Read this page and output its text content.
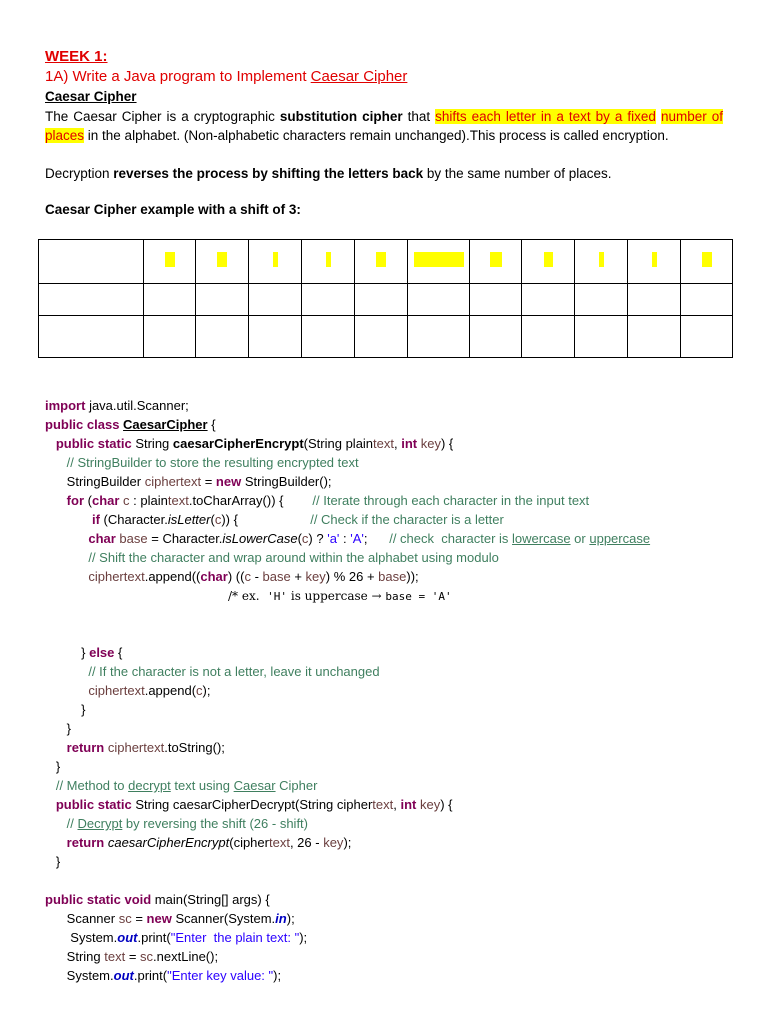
WEEK 1:
1A) Write a Java program to Implement Caesar Cipher
Caesar Cipher
The Caesar Cipher is a cryptographic substitution cipher that shifts each letter in a text by a fixed number of places in the alphabet. (Non-alphabetic characters remain unchanged).This process is called encryption.
Decryption reverses the process by shifting the letters back by the same number of places.
Caesar Cipher example with a shift of 3:

import java.util.Scanner;
public class CaesarCipher {
public static String caesarCipherEncrypt(String plaintext, int key) {
// StringBuilder to store the resulting encrypted text
StringBuilder ciphertext = new StringBuilder();
for (char c : plaintext.toCharArray()) { // Iterate through each character in the input text
if (Character.isLetter(c)) {	// Check if the character is a letter
char base = Character.isLowerCase(c) ? 'a' : 'A'; // check  character is lowercase or uppercase
// Shift the character and wrap around within the alphabet using modulo
ciphertext.append((char) ((c - base + key) % 26 + base));
/* ex.  'H' is uppercase → base = 'A'
} else {
// If the character is not a letter, leave it unchanged
ciphertext.append(c);
}
}
return ciphertext.toString();
}
// Method to decrypt text using Caesar Cipher
public static String caesarCipherDecrypt(String ciphertext, int key) {
// Decrypt by reversing the shift (26 - shift)
return caesarCipherEncrypt(ciphertext, 26 - key);
}
public static void main(String[] args) {
Scanner sc = new Scanner(System.in);
System.out.print("Enter  the plain text: ");
String text = sc.nextLine();
System.out.print("Enter key value: ");
